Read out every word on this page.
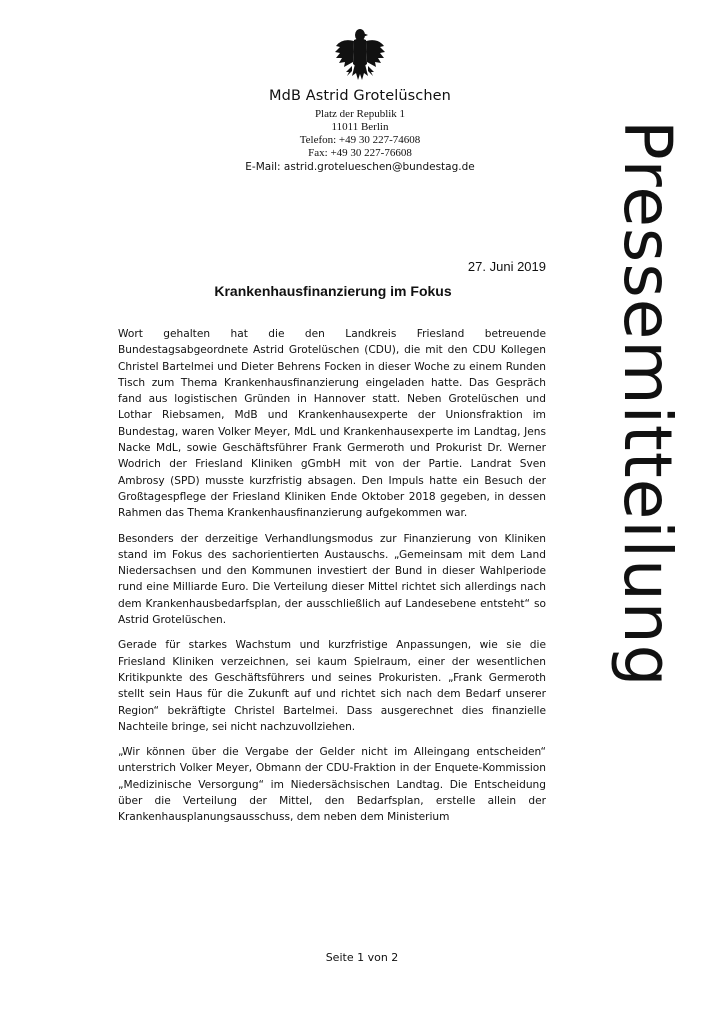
MdB Astrid Grotelüschen
Platz der Republik 1
11011 Berlin
Telefon: +49 30 227-74608
Fax: +49 30 227-76608
E-Mail: astrid.grotelueschen@bundestag.de	Pressemitteilung
27. Juni 2019
Krankenhausfinanzierung im Fokus

Wort gehalten hat die den Landkreis Friesland betreuende Bundestagsabgeordnete Astrid Grotelüschen (CDU), die mit den CDU Kollegen Christel Bartelmei und Dieter Behrens Focken in dieser Woche zu einem Runden Tisch zum Thema Krankenhausfinanzierung eingeladen hatte. Das Gespräch fand aus logistischen Gründen in Hannover statt. Neben Grotelüschen und Lothar Riebsamen, MdB und Krankenhausexperte der Unionsfraktion im Bundestag, waren Volker Meyer, MdL und Krankenhausexperte im Landtag, Jens Nacke MdL, sowie Geschäftsführer Frank Germeroth und Prokurist Dr. Werner Wodrich der Friesland Kliniken gGmbH mit von der Partie. Landrat Sven Ambrosy (SPD) musste kurzfristig absagen. Den Impuls hatte ein Besuch der Großtagespflege der Friesland Kliniken Ende Oktober 2018 gegeben, in dessen Rahmen das Thema Krankenhausfinanzierung aufgekommen war.

Besonders der derzeitige Verhandlungsmodus zur Finanzierung von Kliniken stand im Fokus des sachorientierten Austauschs. „Gemeinsam mit dem Land Niedersachsen und den Kommunen investiert der Bund in dieser Wahlperiode rund eine Milliarde Euro. Die Verteilung dieser Mittel richtet sich allerdings nach dem Krankenhausbedarfsplan, der ausschließlich auf Landesebene entsteht“ so Astrid Grotelüschen.

Gerade für starkes Wachstum und kurzfristige Anpassungen, wie sie die Friesland Kliniken verzeichnen, sei kaum Spielraum, einer der wesentlichen Kritikpunkte des Geschäftsführers und seines Prokuristen. „Frank Germeroth stellt sein Haus für die Zukunft auf und richtet sich nach dem Bedarf unserer Region“ bekräftigte Christel Bartelmei. Dass ausgerechnet dies finanzielle Nachteile bringe, sei nicht nachzuvollziehen.

„Wir können über die Vergabe der Gelder nicht im Alleingang entscheiden“ unterstrich Volker Meyer, Obmann der CDU-Fraktion in der Enquete-Kommission „Medizinische Versorgung“ im Niedersächsischen Landtag. Die Entscheidung über die Verteilung der Mittel, den Bedarfsplan, erstelle allein der Krankenhausplanungsausschuss, dem neben dem Ministerium

Seite 1 von 2
